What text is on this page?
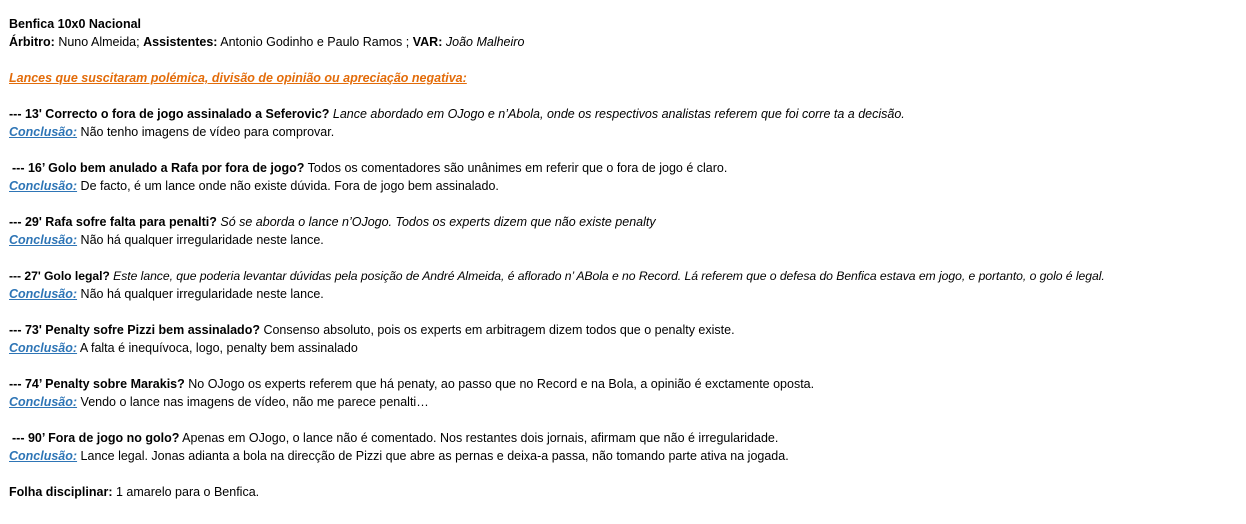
Benfica 10x0 Nacional
Árbitro: Nuno Almeida; Assistentes: Antonio Godinho e Paulo Ramos ; VAR: João Malheiro
Lances que suscitaram polémica, divisão de opinião ou apreciação negativa:
--- 13' Correcto o fora de jogo assinalado a Seferovic? Lance abordado em OJogo e n’Abola, onde os respectivos analistas referem que foi corre ta a decisão.
Conclusão: Não tenho imagens de vídeo para comprovar.
--- 16’ Golo bem anulado a Rafa por fora de jogo? Todos os comentadores são unânimes em referir que o fora de jogo é claro.
Conclusão: De facto, é um lance onde não existe dúvida. Fora de jogo bem assinalado.
--- 29' Rafa sofre falta para penalti? Só se aborda o lance n’OJogo. Todos os experts dizem que não existe penalty
Conclusão: Não há qualquer irregularidade neste lance.
--- 27' Golo legal? Este lance, que poderia levantar dúvidas pela posição de André Almeida, é aflorado n’ ABola e no Record. Lá referem que o defesa do Benfica estava em jogo, e portanto, o golo é legal.
Conclusão: Não há qualquer irregularidade neste lance.
--- 73' Penalty sofre Pizzi bem assinalado? Consenso absoluto, pois os experts em arbitragem dizem todos que o penalty existe.
Conclusão: A falta é inequívoca, logo, penalty bem assinalado
--- 74’ Penalty sobre Marakis? No OJogo os experts referem que há penaty, ao passo que no Record e na Bola, a opinião é exctamente oposta.
Conclusão: Vendo o lance nas imagens de vídeo, não me parece penalti…
--- 90’ Fora de jogo no golo? Apenas em OJogo, o lance não é comentado. Nos restantes dois jornais, afirmam que não é irregularidade.
Conclusão: Lance legal. Jonas adianta a bola na direcção de Pizzi que abre as pernas e deixa-a passa, não tomando parte ativa na jogada.
Folha disciplinar: 1 amarelo para o Benfica.
